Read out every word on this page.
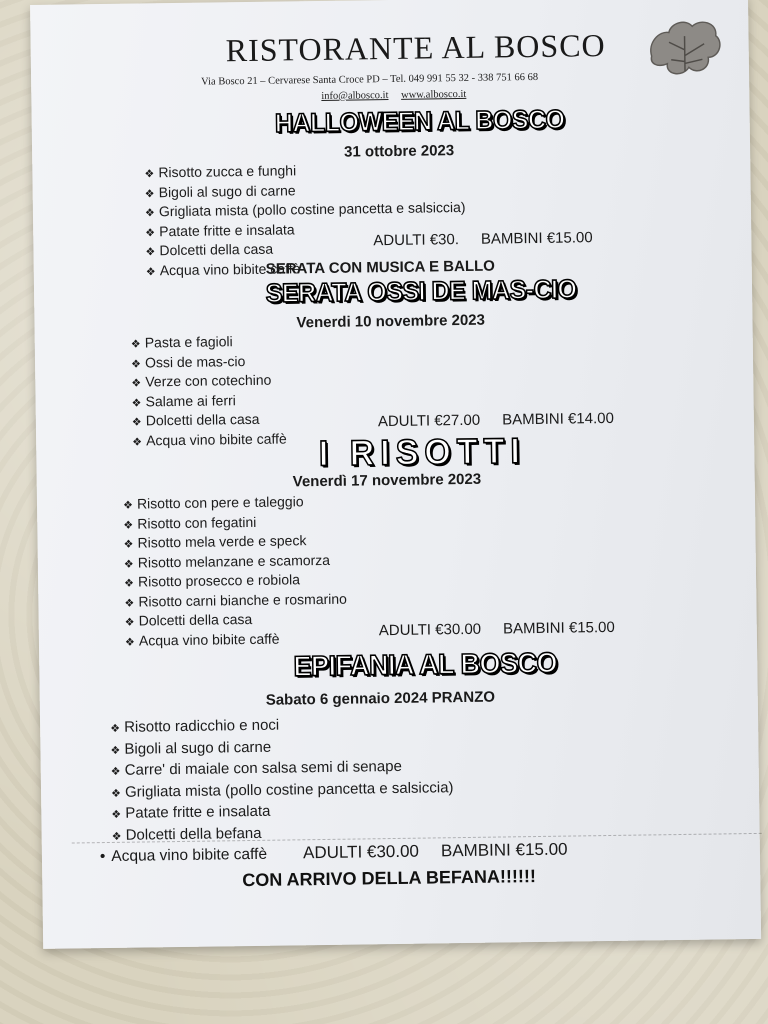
RISTORANTE AL BOSCO
Via Bosco 21 – Cervarese Santa Croce PD – Tel. 049 991 55 32 - 338 751 66 68
info@albosco.it www.albosco.it
HALLOWEEN AL BOSCO
31 ottobre 2023
❖ Risotto zucca e funghi
❖ Bigoli al sugo di carne
❖ Grigliata mista (pollo costine pancetta e salsiccia)
❖ Patate fritte e insalata
❖ Dolcetti della casa
❖ Acqua vino bibite caffè
ADULTI €30. BAMBINI €15.00
SERATA CON MUSICA E BALLO
SERATA OSSI DE MAS-CIO
Venerdi 10 novembre 2023
❖ Pasta e fagioli
❖ Ossi de mas-cio
❖ Verze con cotechino
❖ Salame ai ferri
❖ Dolcetti della casa
❖ Acqua vino bibite caffè
ADULTI €27.00 BAMBINI €14.00
I RISOTTI
Venerdì 17 novembre 2023
❖ Risotto con pere e taleggio
❖ Risotto con fegatini
❖ Risotto mela verde e speck
❖ Risotto melanzane e scamorza
❖ Risotto prosecco e robiola
❖ Risotto carni bianche e rosmarino
❖ Dolcetti della casa
❖ Acqua vino bibite caffè	ADULTI €30.00 BAMBINI €15.00
EPIFANIA AL BOSCO
Sabato 6 gennaio 2024 PRANZO
❖ Risotto radicchio e noci
❖ Bigoli al sugo di carne
❖ Carre' di maiale con salsa semi di senape
❖ Grigliata mista (pollo costine pancetta e salsiccia)
❖ Patate fritte e insalata
❖ Dolcetti della befana
• Acqua vino bibite caffè ADULTI €30.00 BAMBINI €15.00
CON ARRIVO DELLA BEFANA!!!!!!
